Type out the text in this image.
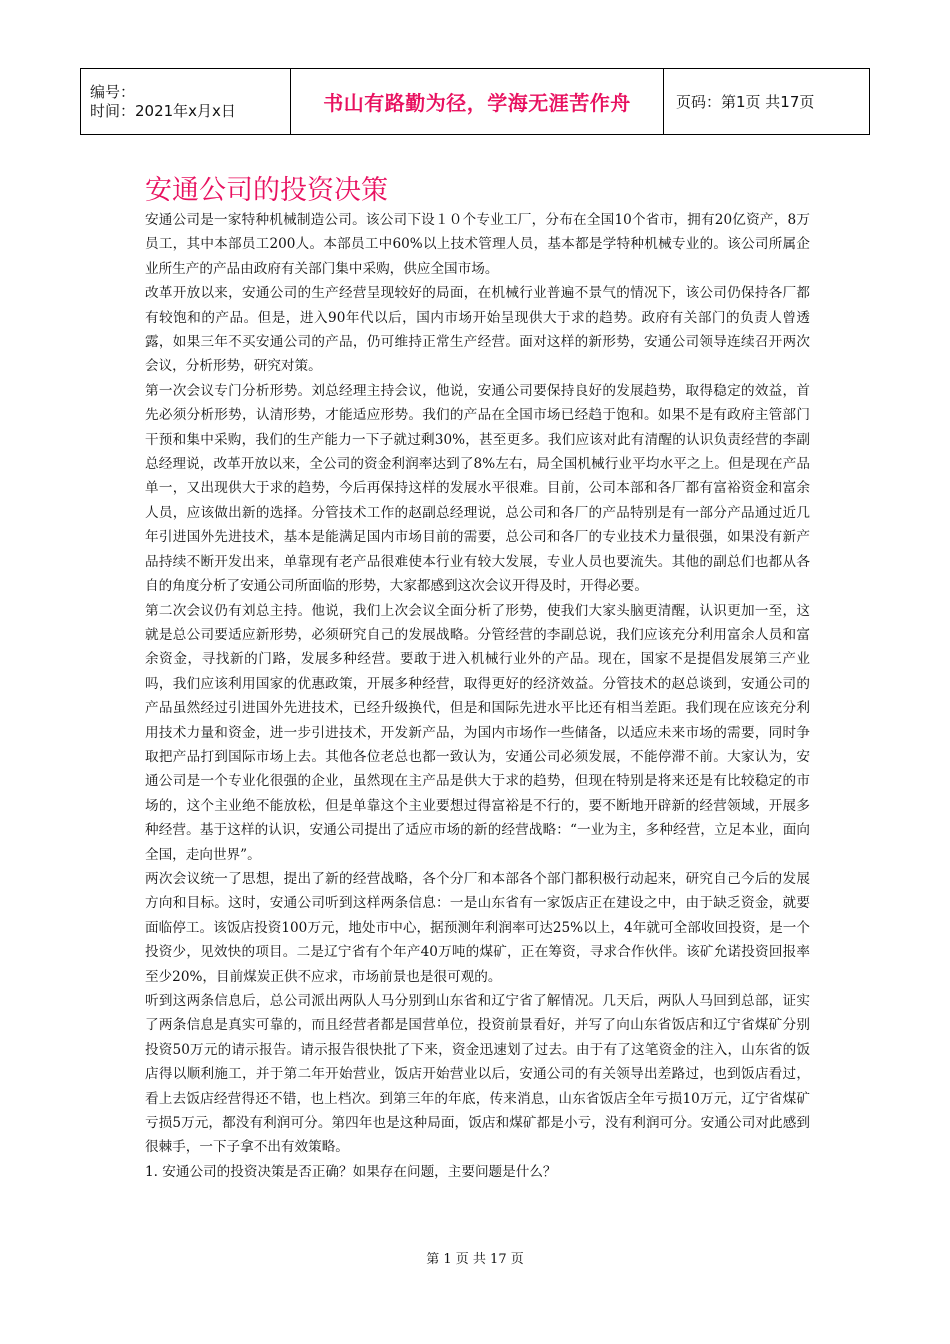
编号：
时间：2021年x月x日	书山有路勤为径，学海无涯苦作舟	页码：第1页 共17页
安通公司的投资决策

安通公司是一家特种机械制造公司。该公司下设１０个专业工厂，分布在全国10个省市，拥有20亿资产，8万员工，其中本部员工200人。本部员工中60%以上技术管理人员，基本都是学特种机械专业的。该公司所属企业所生产的产品由政府有关部门集中采购，供应全国市场。

改革开放以来，安通公司的生产经营呈现较好的局面，在机械行业普遍不景气的情况下，该公司仍保持各厂都有较饱和的产品。但是，进入90年代以后，国内市场开始呈现供大于求的趋势。政府有关部门的负责人曾透露，如果三年不买安通公司的产品，仍可维持正常生产经营。面对这样的新形势，安通公司领导连续召开两次会议，分析形势，研究对策。

第一次会议专门分析形势。刘总经理主持会议，他说，安通公司要保持良好的发展趋势，取得稳定的效益，首先必须分析形势，认清形势，才能适应形势。我们的产品在全国市场已经趋于饱和。如果不是有政府主管部门干预和集中采购，我们的生产能力一下子就过剩30%，甚至更多。我们应该对此有清醒的认识负责经营的李副总经理说，改革开放以来，全公司的资金利润率达到了8%左右，局全国机械行业平均水平之上。但是现在产品单一，又出现供大于求的趋势，今后再保持这样的发展水平很难。目前，公司本部和各厂都有富裕资金和富余人员，应该做出新的选择。分管技术工作的赵副总经理说，总公司和各厂的产品特别是有一部分产品通过近几年引进国外先进技术，基本是能满足国内市场目前的需要，总公司和各厂的专业技术力量很强，如果没有新产品持续不断开发出来，单靠现有老产品很难使本行业有较大发展，专业人员也要流失。其他的副总们也都从各自的角度分析了安通公司所面临的形势，大家都感到这次会议开得及时，开得必要。

第二次会议仍有刘总主持。他说，我们上次会议全面分析了形势，使我们大家头脑更清醒，认识更加一至，这就是总公司要适应新形势，必须研究自己的发展战略。分管经营的李副总说，我们应该充分利用富余人员和富余资金，寻找新的门路，发展多种经营。要敢于进入机械行业外的产品。现在，国家不是提倡发展第三产业吗，我们应该利用国家的优惠政策，开展多种经营，取得更好的经济效益。分管技术的赵总谈到，安通公司的产品虽然经过引进国外先进技术，已经升级换代，但是和国际先进水平比还有相当差距。我们现在应该充分利用技术力量和资金，进一步引进技术，开发新产品，为国内市场作一些储备，以适应未来市场的需要，同时争取把产品打到国际市场上去。其他各位老总也都一致认为，安通公司必须发展，不能停滞不前。大家认为，安通公司是一个专业化很强的企业，虽然现在主产品是供大于求的趋势，但现在特别是将来还是有比较稳定的市场的，这个主业绝不能放松，但是单靠这个主业要想过得富裕是不行的，要不断地开辟新的经营领域，开展多种经营。基于这样的认识，安通公司提出了适应市场的新的经营战略：“一业为主，多种经营，立足本业，面向全国，走向世界”。

两次会议统一了思想，提出了新的经营战略，各个分厂和本部各个部门都积极行动起来，研究自己今后的发展方向和目标。这时，安通公司听到这样两条信息：一是山东省有一家饭店正在建设之中，由于缺乏资金，就要面临停工。该饭店投资100万元，地处市中心，据预测年利润率可达25%以上，4年就可全部收回投资，是一个投资少，见效快的项目。二是辽宁省有个年产40万吨的煤矿，正在筹资，寻求合作伙伴。该矿允诺投资回报率至少20%，目前煤炭正供不应求，市场前景也是很可观的。

听到这两条信息后，总公司派出两队人马分别到山东省和辽宁省了解情况。几天后，两队人马回到总部，证实了两条信息是真实可靠的，而且经营者都是国营单位，投资前景看好，并写了向山东省饭店和辽宁省煤矿分别投资50万元的请示报告。请示报告很快批了下来，资金迅速划了过去。由于有了这笔资金的注入，山东省的饭店得以顺利施工，并于第二年开始营业，饭店开始营业以后，安通公司的有关领导出差路过，也到饭店看过，看上去饭店经营得还不错，也上档次。到第三年的年底，传来消息，山东省饭店全年亏损10万元，辽宁省煤矿亏损5万元，都没有利润可分。第四年也是这种局面，饭店和煤矿都是小亏，没有利润可分。安通公司对此感到很棘手，一下子拿不出有效策略。

1. 安通公司的投资决策是否正确？如果存在问题，主要问题是什么？

第 1 页 共 17 页
